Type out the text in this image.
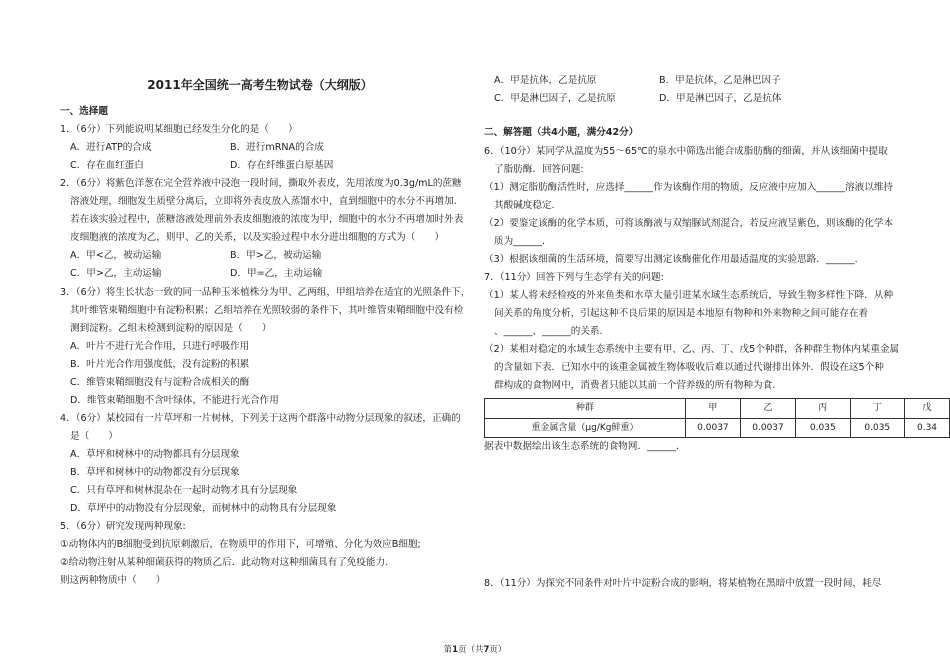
2011年全国统一高考生物试卷（大纲版）
一、选择题
1．（6分）下列能说明某细胞已经发生分化的是（　　）
A．进行ATP的合成	B．进行mRNA的合成
C．存在血红蛋白	D．存在纤维蛋白原基因
2．（6分）将紫色洋葱在完全营养液中浸泡一段时间，撕取外表皮，先用浓度为0.3g/mL的蔗糖
溶液处理，细胞发生质壁分离后，立即将外表皮放入蒸馏水中，直到细胞中的水分不再增加.
若在该实验过程中，蔗糖溶液处理前外表皮细胞液的浓度为甲，细胞中的水分不再增加时外表
皮细胞液的浓度为乙，则甲、乙的关系，以及实验过程中水分进出细胞的方式为（　　）
A．甲<乙，被动运输	B．甲>乙，被动运输
C．甲>乙，主动运输	D．甲=乙，主动运输
3．（6分）将生长状态一致的同一品种玉米植株分为甲、乙两组，甲组培养在适宜的光照条件下，
其叶维管束鞘细胞中有淀粉积累；乙组培养在光照较弱的条件下，其叶维管束鞘细胞中没有检
测到淀粉。乙组未检测到淀粉的原因是（　　）
A．叶片不进行光合作用，只进行呼吸作用
B．叶片光合作用强度低，没有淀粉的积累
C．维管束鞘细胞没有与淀粉合成相关的酶
D．维管束鞘细胞不含叶绿体，不能进行光合作用
4．（6分）某校园有一片草坪和一片树林，下列关于这两个群落中动物分层现象的叙述，正确的
是（　　）
A．草坪和树林中的动物都具有分层现象
B．草坪和树林中的动物都没有分层现象
C．只有草坪和树林混杂在一起时动物才具有分层现象
D．草坪中的动物没有分层现象，而树林中的动物具有分层现象
5．（6分）研究发现两种现象:
①动物体内的B细胞受到抗原刺激后，在物质甲的作用下，可增殖、分化为效应B细胞;
②给动物注射从某种细菌获得的物质乙后．此动物对这种细菌具有了免疫能力.
则这两种物质中（　　）
A．甲是抗体，乙是抗原	B．甲是抗体，乙是淋巴因子
C．甲是淋巴因子，乙是抗原	D．甲是淋巴因子，乙是抗体
二、解答题（共4小题，满分42分）
6．（10分）某同学从温度为55～65℃的泉水中筛选出能合成脂肪酶的细菌，并从该细菌中提取
了脂肪酶．回答问题:
（1）测定脂肪酶活性时，应选择______作为该酶作用的物质，反应液中应加入______溶液以维持
其酸碱度稳定.
（2）要鉴定该酶的化学本质，可将该酶液与双缩脲试剂混合，若反应液呈紫色，则该酶的化学本
质为______.
（3）根据该细菌的生活环境，简要写出测定该酶催化作用最适温度的实验思路．______.
7．（11分）回答下列与生态学有关的问题:
（1）某人将未经检疫的外来鱼类和水草大量引进某水域生态系统后，导致生物多样性下降．从种
间关系的角度分析，引起这种不良后果的原因是本地原有物种和外来物种之间可能存在着
、______、______的关系.
（2）某相对稳定的水域生态系统中主要有甲、乙、丙、丁、戊5个种群，各种群生物体内某重金属
的含量如下表．已知水中的该重金属被生物体吸收后难以通过代谢排出体外．假设在这5个种
群构成的食物网中，消费者只能以其前一个营养级的所有物种为食.
种群	甲	乙	丙	丁	戊
重金属含量（μg/Kg鲜重）	0.0037	0.0037	0.035	0.035	0.34
据表中数据绘出该生态系统的食物网．______.
8．（11分）为探究不同条件对叶片中淀粉合成的影响，将某植物在黑暗中放置一段时间，耗尽
第1页（共7页）
